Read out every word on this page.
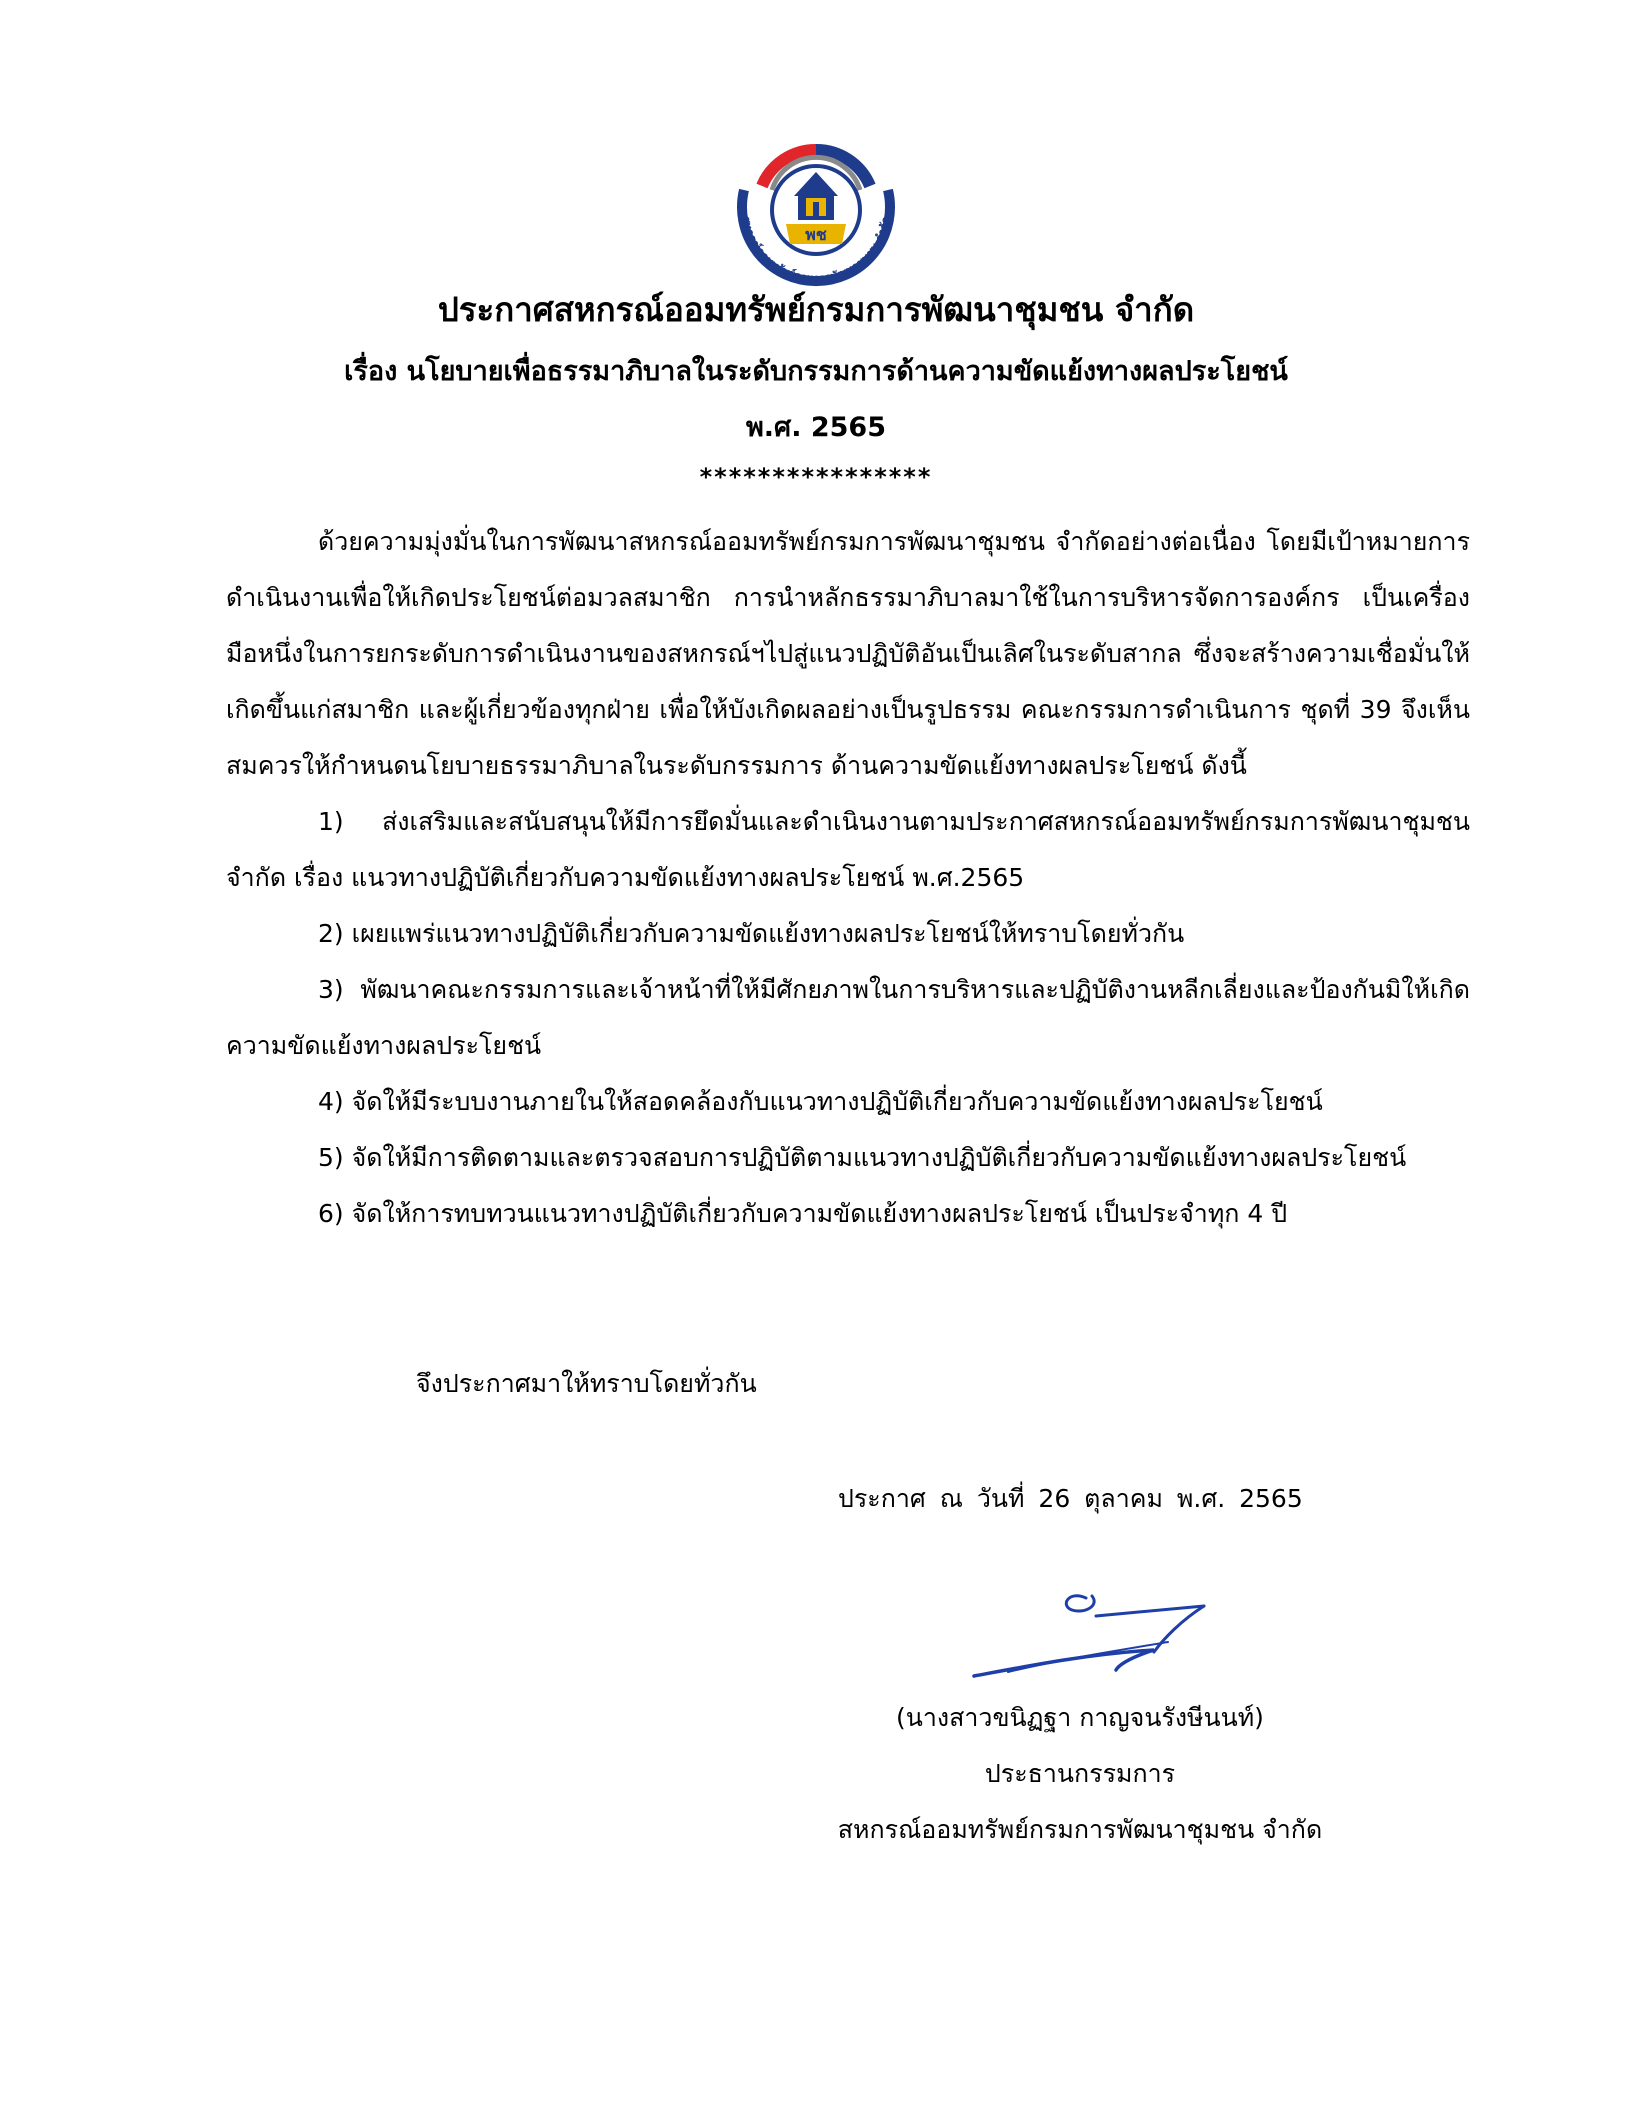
พช
สหกรณ์ออมทรัพย์กรมการพัฒนาชุมชน จำกัด
ประกาศสหกรณ์ออมทรัพย์กรมการพัฒนาชุมชน จำกัด
เรื่อง นโยบายเพื่อธรรมาภิบาลในระดับกรรมการด้านความขัดแย้งทางผลประโยชน์
พ.ศ. 2565
****************

ด้วยความมุ่งมั่นในการพัฒนาสหกรณ์ออมทรัพย์กรมการพัฒนาชุมชน จำกัดอย่างต่อเนื่อง โดยมีเป้าหมายการดำเนินงานเพื่อให้เกิดประโยชน์ต่อมวลสมาชิก การนำหลักธรรมาภิบาลมาใช้ในการบริหารจัดการองค์กร เป็นเครื่องมือหนึ่งในการยกระดับการดำเนินงานของสหกรณ์ฯไปสู่แนวปฏิบัติอันเป็นเลิศในระดับสากล ซึ่งจะสร้างความเชื่อมั่นให้เกิดขึ้นแก่สมาชิก และผู้เกี่ยวข้องทุกฝ่าย เพื่อให้บังเกิดผลอย่างเป็นรูปธรรม คณะกรรมการดำเนินการ ชุดที่ 39 จึงเห็นสมควรให้กำหนดนโยบายธรรมาภิบาลในระดับกรรมการ ด้านความขัดแย้งทางผลประโยชน์ ดังนี้

1) ส่งเสริมและสนับสนุนให้มีการยึดมั่นและดำเนินงานตามประกาศสหกรณ์ออมทรัพย์กรมการพัฒนาชุมชน จำกัด เรื่อง แนวทางปฏิบัติเกี่ยวกับความขัดแย้งทางผลประโยชน์ พ.ศ.2565

2) เผยแพร่แนวทางปฏิบัติเกี่ยวกับความขัดแย้งทางผลประโยชน์ให้ทราบโดยทั่วกัน

3) พัฒนาคณะกรรมการและเจ้าหน้าที่ให้มีศักยภาพในการบริหารและปฏิบัติงานหลีกเลี่ยงและป้องกันมิให้เกิดความขัดแย้งทางผลประโยชน์

4) จัดให้มีระบบงานภายในให้สอดคล้องกับแนวทางปฏิบัติเกี่ยวกับความขัดแย้งทางผลประโยชน์

5) จัดให้มีการติดตามและตรวจสอบการปฏิบัติตามแนวทางปฏิบัติเกี่ยวกับความขัดแย้งทางผลประโยชน์

6) จัดให้การทบทวนแนวทางปฏิบัติเกี่ยวกับความขัดแย้งทางผลประโยชน์ เป็นประจำทุก 4 ปี

จึงประกาศมาให้ทราบโดยทั่วกัน
ประกาศ ณ วันที่ 26 ตุลาคม พ.ศ. 2565
(นางสาวขนิฏฐา กาญจนรังษีนนท์)
ประธานกรรมการ
สหกรณ์ออมทรัพย์กรมการพัฒนาชุมชน จำกัด
